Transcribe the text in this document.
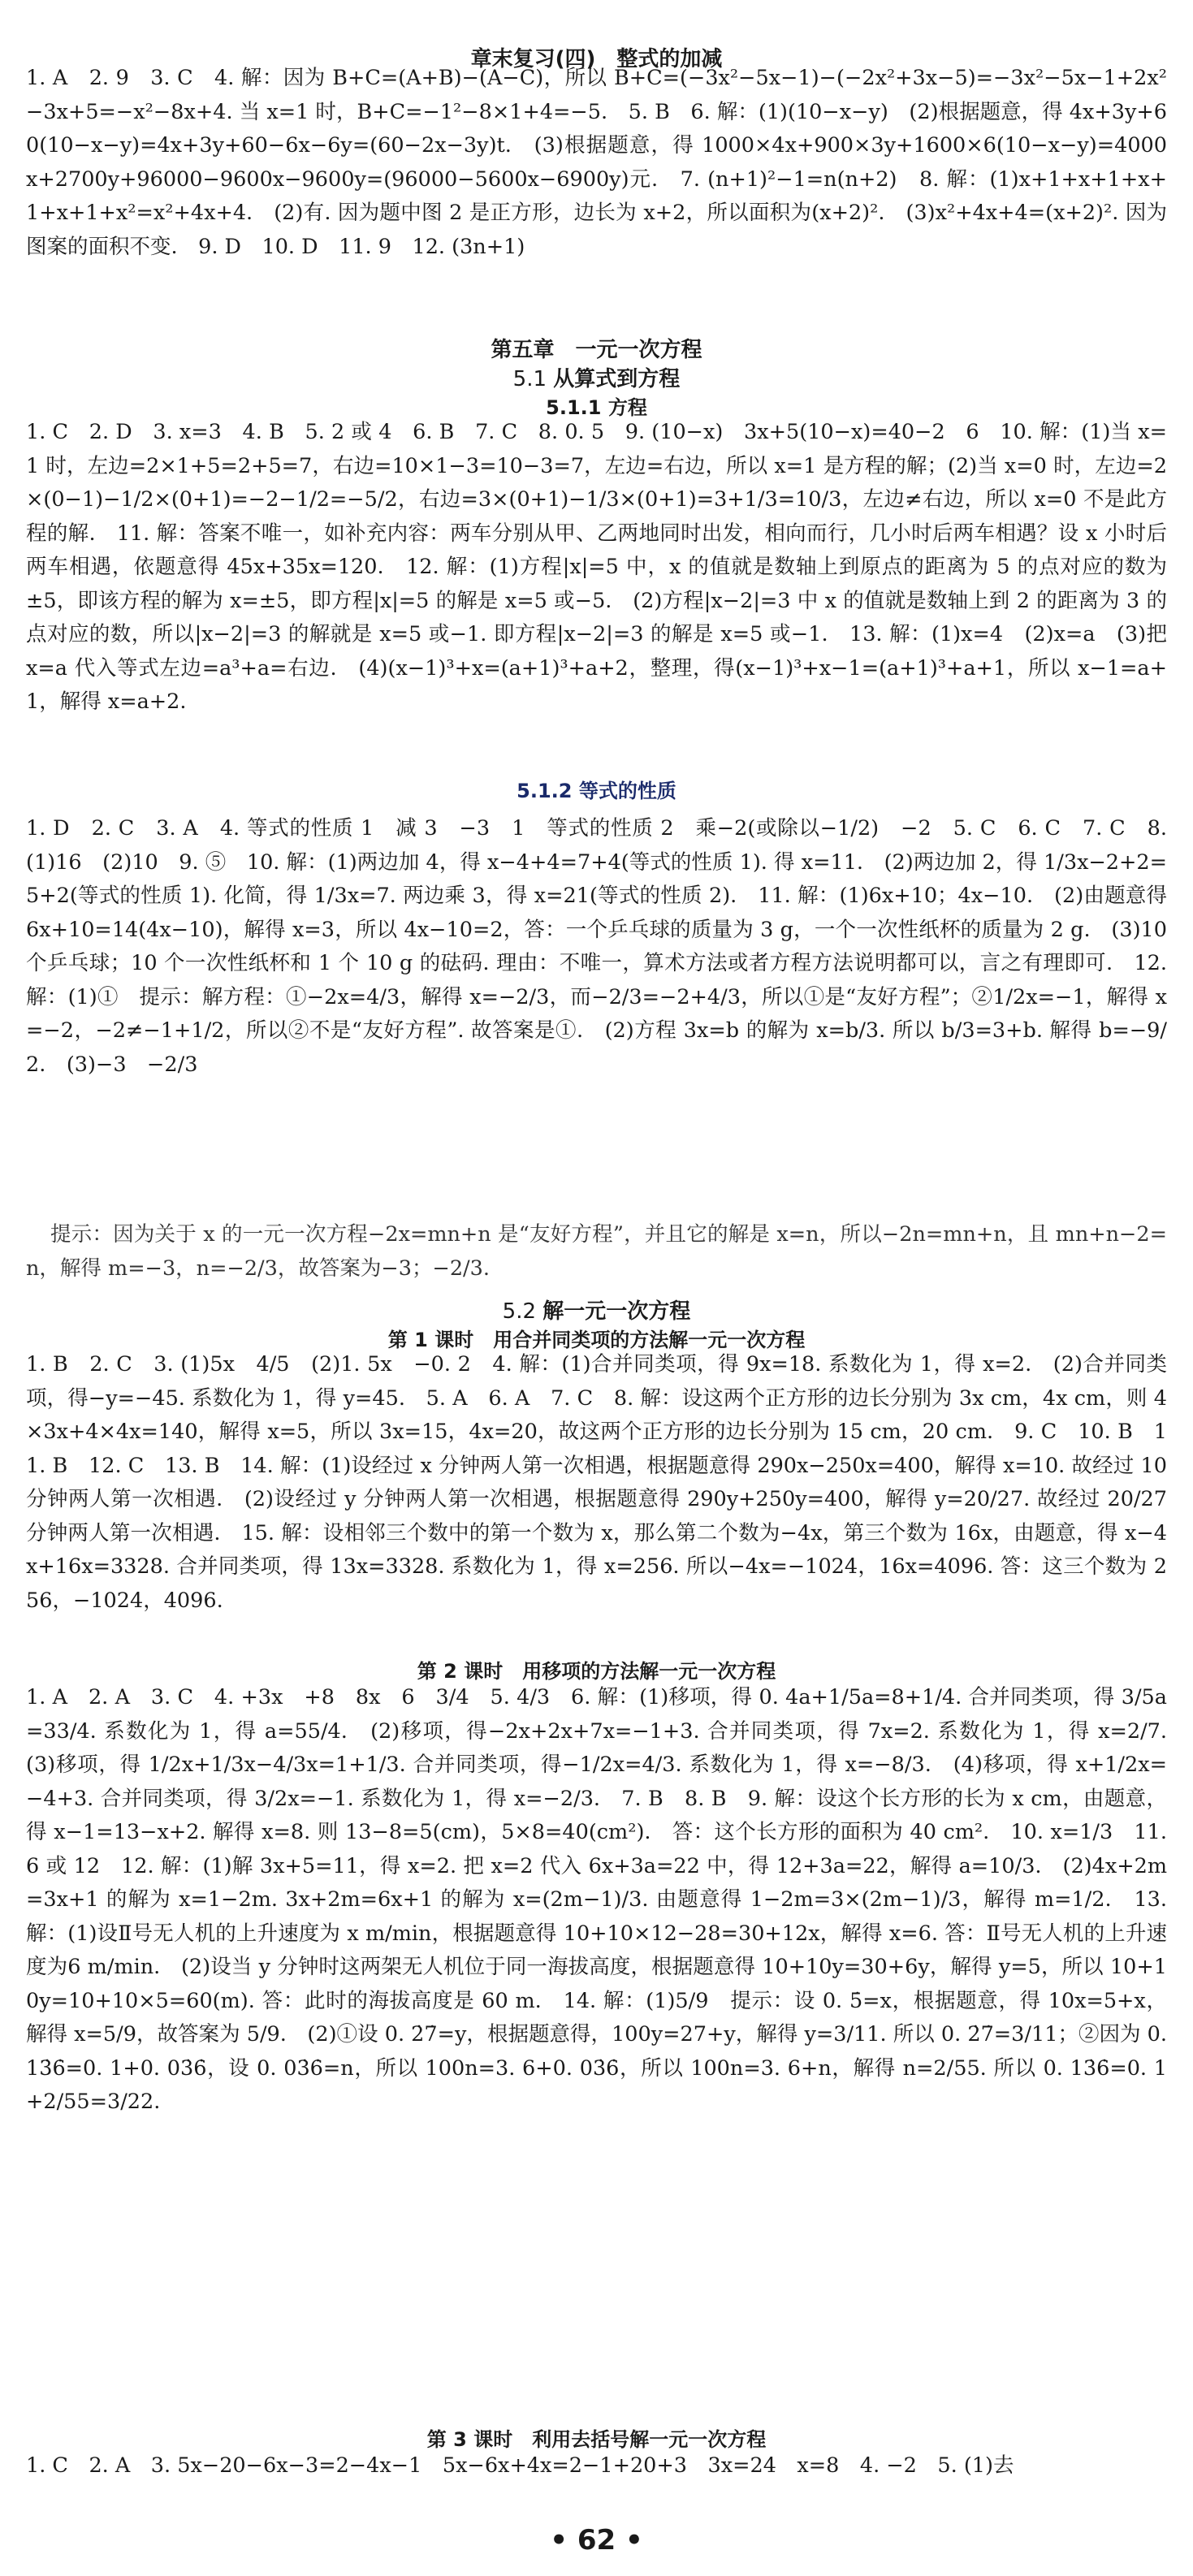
章末复习(四)　整式的加减
1. A　2. 9　3. C　4. 解：因为 B+C=(A+B)−(A−C)，所以 B+C=(−3x²−5x−1)−(−2x²+3x−5)=−3x²−5x−1+2x²−3x+5=−x²−8x+4. 当 x=1 时，B+C=−1²−8×1+4=−5.　5. B　6. 解：(1)(10−x−y)　(2)根据题意，得 4x+3y+60(10−x−y)=4x+3y+60−6x−6y=(60−2x−3y)t.　(3)根据题意，得 1000×4x+900×3y+1600×6(10−x−y)=4000x+2700y+96000−9600x−9600y=(96000−5600x−6900y)元.　7. (n+1)²−1=n(n+2)　8. 解：(1)x+1+x+1+x+1+x+1+x²=x²+4x+4.　(2)有. 因为题中图 2 是正方形，边长为 x+2，所以面积为(x+2)².　(3)x²+4x+4=(x+2)². 因为图案的面积不变.　9. D　10. D　11. 9　12. (3n+1)
第五章　一元一次方程
5.1 从算式到方程
5.1.1 方程
1. C　2. D　3. x=3　4. B　5. 2 或 4　6. B　7. C　8. 0. 5　9. (10−x)　3x+5(10−x)=40−2　6　10. 解：(1)当 x=1 时，左边=2×1+5=2+5=7，右边=10×1−3=10−3=7，左边=右边，所以 x=1 是方程的解；(2)当 x=0 时，左边=2×(0−1)−1/2×(0+1)=−2−1/2=−5/2，右边=3×(0+1)−1/3×(0+1)=3+1/3=10/3，左边≠右边，所以 x=0 不是此方程的解.　11. 解：答案不唯一，如补充内容：两车分别从甲、乙两地同时出发，相向而行，几小时后两车相遇？设 x 小时后两车相遇，依题意得 45x+35x=120.　12. 解：(1)方程|x|=5 中，x 的值就是数轴上到原点的距离为 5 的点对应的数为±5，即该方程的解为 x=±5，即方程|x|=5 的解是 x=5 或−5.　(2)方程|x−2|=3 中 x 的值就是数轴上到 2 的距离为 3 的点对应的数，所以|x−2|=3 的解就是 x=5 或−1. 即方程|x−2|=3 的解是 x=5 或−1.　13. 解：(1)x=4　(2)x=a　(3)把 x=a 代入等式左边=a³+a=右边.　(4)(x−1)³+x=(a+1)³+a+2，整理，得(x−1)³+x−1=(a+1)³+a+1，所以 x−1=a+1，解得 x=a+2.
5.1.2 等式的性质
1. D　2. C　3. A　4. 等式的性质 1　减 3　−3　1　等式的性质 2　乘−2(或除以−1/2)　−2　5. C　6. C　7. C　8. (1)16　(2)10　9. ⑤　10. 解：(1)两边加 4，得 x−4+4=7+4(等式的性质 1). 得 x=11.　(2)两边加 2，得 1/3x−2+2=5+2(等式的性质 1). 化简，得 1/3x=7. 两边乘 3，得 x=21(等式的性质 2).　11. 解：(1)6x+10；4x−10.　(2)由题意得 6x+10=14(4x−10)，解得 x=3，所以 4x−10=2，答：一个乒乓球的质量为 3 g，一个一次性纸杯的质量为 2 g.　(3)10 个乒乓球；10 个一次性纸杯和 1 个 10 g 的砝码. 理由：不唯一，算术方法或者方程方法说明都可以，言之有理即可.　12. 解：(1)①　提示：解方程：①−2x=4/3，解得 x=−2/3，而−2/3=−2+4/3，所以①是“友好方程”；②1/2x=−1，解得 x=−2，−2≠−1+1/2，所以②不是“友好方程”. 故答案是①.　(2)方程 3x=b 的解为 x=b/3. 所以 b/3=3+b. 解得 b=−9/2.　(3)−3　−2/3
提示：因为关于 x 的一元一次方程−2x=mn+n 是“友好方程”，并且它的解是 x=n，所以−2n=mn+n，且 mn+n−2=n，解得 m=−3，n=−2/3，故答案为−3；−2/3.
5.2 解一元一次方程
第 1 课时　用合并同类项的方法解一元一次方程
1. B　2. C　3. (1)5x　4/5　(2)1. 5x　−0. 2　4. 解：(1)合并同类项，得 9x=18. 系数化为 1，得 x=2.　(2)合并同类项，得−y=−45. 系数化为 1，得 y=45.　5. A　6. A　7. C　8. 解：设这两个正方形的边长分别为 3x cm，4x cm，则 4×3x+4×4x=140，解得 x=5，所以 3x=15，4x=20，故这两个正方形的边长分别为 15 cm，20 cm.　9. C　10. B　11. B　12. C　13. B　14. 解：(1)设经过 x 分钟两人第一次相遇，根据题意得 290x−250x=400，解得 x=10. 故经过 10 分钟两人第一次相遇.　(2)设经过 y 分钟两人第一次相遇，根据题意得 290y+250y=400，解得 y=20/27. 故经过 20/27 分钟两人第一次相遇.　15. 解：设相邻三个数中的第一个数为 x，那么第二个数为−4x，第三个数为 16x，由题意，得 x−4x+16x=3328. 合并同类项，得 13x=3328. 系数化为 1，得 x=256. 所以−4x=−1024，16x=4096. 答：这三个数为 256，−1024，4096.
第 2 课时　用移项的方法解一元一次方程
1. A　2. A　3. C　4. +3x　+8　8x　6　3/4　5. 4/3　6. 解：(1)移项，得 0. 4a+1/5a=8+1/4. 合并同类项，得 3/5a=33/4. 系数化为 1，得 a=55/4.　(2)移项，得−2x+2x+7x=−1+3. 合并同类项，得 7x=2. 系数化为 1，得 x=2/7.　(3)移项，得 1/2x+1/3x−4/3x=1+1/3. 合并同类项，得−1/2x=4/3. 系数化为 1，得 x=−8/3.　(4)移项，得 x+1/2x=−4+3. 合并同类项，得 3/2x=−1. 系数化为 1，得 x=−2/3.　7. B　8. B　9. 解：设这个长方形的长为 x cm，由题意，得 x−1=13−x+2. 解得 x=8. 则 13−8=5(cm)，5×8=40(cm²).　答：这个长方形的面积为 40 cm².　10. x=1/3　11. 6 或 12　12. 解：(1)解 3x+5=11，得 x=2. 把 x=2 代入 6x+3a=22 中，得 12+3a=22，解得 a=10/3.　(2)4x+2m=3x+1 的解为 x=1−2m. 3x+2m=6x+1 的解为 x=(2m−1)/3. 由题意得 1−2m=3×(2m−1)/3，解得 m=1/2.　13. 解：(1)设Ⅱ号无人机的上升速度为 x m/min，根据题意得 10+10×12−28=30+12x，解得 x=6. 答：Ⅱ号无人机的上升速度为6 m/min.　(2)设当 y 分钟时这两架无人机位于同一海拔高度，根据题意得 10+10y=30+6y，解得 y=5，所以 10+10y=10+10×5=60(m). 答：此时的海拔高度是 60 m.　14. 解：(1)5/9　提示：设 0. 5̇=x，根据题意，得 10x=5+x，解得 x=5/9，故答案为 5/9.　(2)①设 0. 2̇7̇=y，根据题意得，100y=27+y，解得 y=3/11. 所以 0. 2̇7̇=3/11；②因为 0. 13̇6̇=0. 1+0. 03̇6̇，设 0. 03̇6̇=n，所以 100n=3. 6+0. 03̇6̇，所以 100n=3. 6+n，解得 n=2/55. 所以 0. 13̇6̇=0. 1+2/55=3/22.
第 3 课时　利用去括号解一元一次方程
1. C　2. A　3. 5x−20−6x−3=2−4x−1　5x−6x+4x=2−1+20+3　3x=24　x=8　4. −2　5. (1)去
• 62 •
